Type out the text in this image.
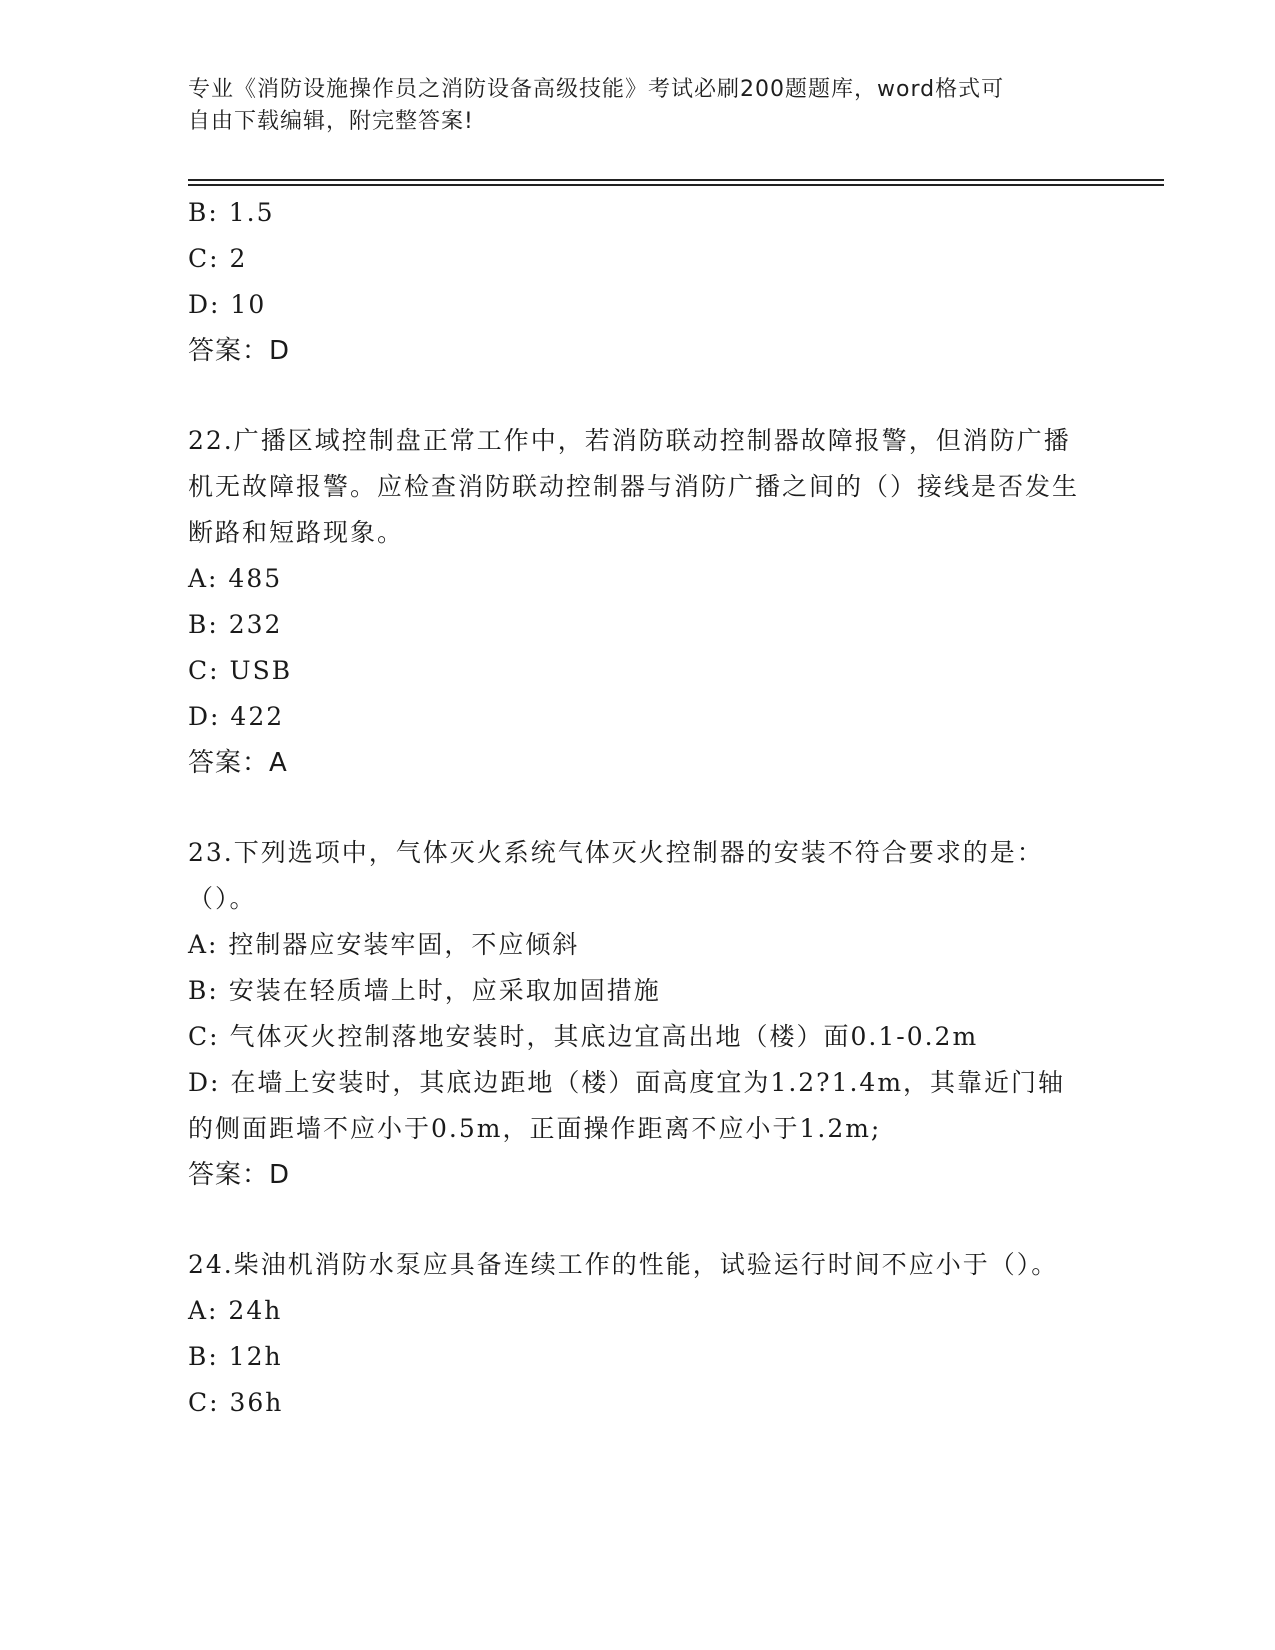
专业《消防设施操作员之消防设备高级技能》考试必刷200题题库，word格式可
自由下载编辑，附完整答案!
B: 1.5
C: 2
D: 10
答案：D
22.广播区域控制盘正常工作中，若消防联动控制器故障报警，但消防广播机无故障报警。应检查消防联动控制器与消防广播之间的（）接线是否发生断路和短路现象。
A: 485
B: 232
C: USB
D: 422
答案：A
23.下列选项中，气体灭火系统气体灭火控制器的安装不符合要求的是：（）。
A: 控制器应安装牢固，不应倾斜
B: 安装在轻质墙上时，应采取加固措施
C: 气体灭火控制落地安装时，其底边宜高出地（楼）面0.1-0.2m
D: 在墙上安装时，其底边距地（楼）面高度宜为1.2?1.4m，其靠近门轴的侧面距墙不应小于0.5m，正面操作距离不应小于1.2m;
答案：D
24.柴油机消防水泵应具备连续工作的性能，试验运行时间不应小于（）。
A: 24h
B: 12h
C: 36h
